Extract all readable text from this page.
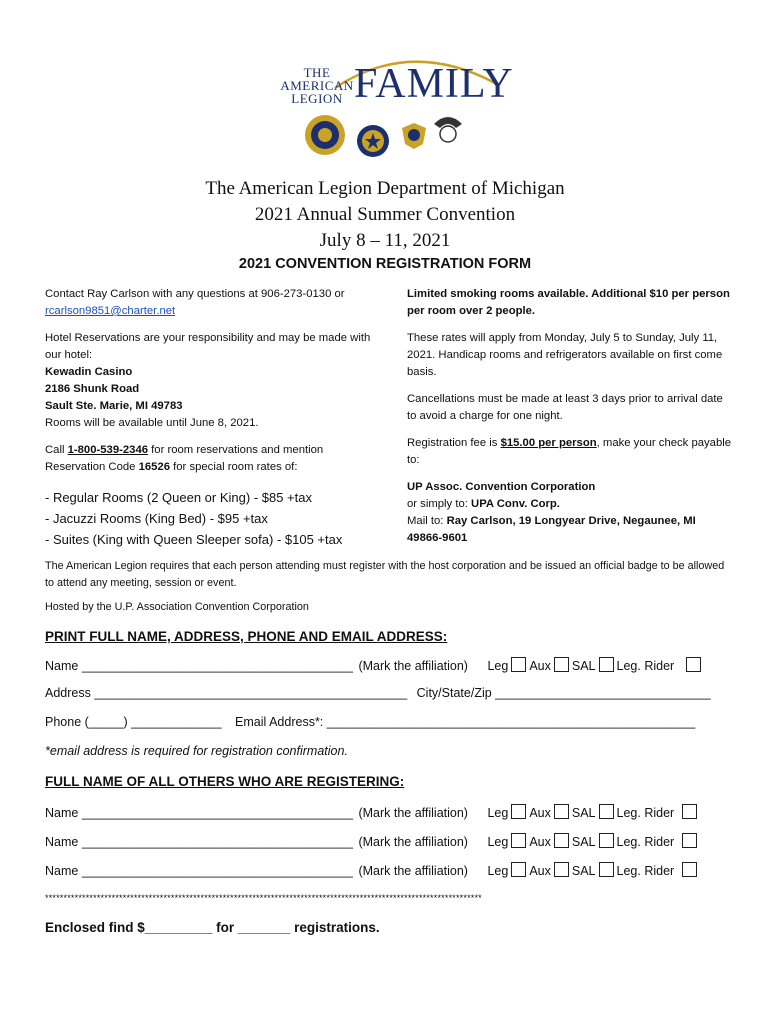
THE
AMERICAN
LEGION FAMILY
The American Legion Department of Michigan
2021 Annual Summer Convention
July 8 – 11, 2021
2021 CONVENTION REGISTRATION FORM
Contact Ray Carlson with any questions at 906-273-0130 or
rcarlson9851@charter.net
Hotel Reservations are your responsibility and may be made with our hotel:
Kewadin Casino
2186 Shunk Road
Sault Ste. Marie, MI 49783
Rooms will be available until June 8, 2021.
Call 1-800-539-2346 for room reservations and mention Reservation Code 16526 for special room rates of:
- Regular Rooms (2 Queen or King) - $85 +tax
- Jacuzzi Rooms (King Bed) - $95 +tax
- Suites (King with Queen Sleeper sofa) - $105 +tax
Limited smoking rooms available. Additional $10 per person per room over 2 people.
These rates will apply from Monday, July 5 to Sunday, July 11, 2021. Handicap rooms and refrigerators available on first come basis.
Cancellations must be made at least 3 days prior to arrival date to avoid a charge for one night.
Registration fee is $15.00 per person, make your check payable to:
UP Assoc. Convention Corporation
or simply to: UPA Conv. Corp.
Mail to: Ray Carlson, 19 Longyear Drive, Negaunee, MI 49866-9601
The American Legion requires that each person attending must register with the host corporation and be issued an official badge to be allowed to attend any meeting, session or event.
Hosted by the U.P. Association Convention Corporation
PRINT FULL NAME, ADDRESS, PHONE AND EMAIL ADDRESS:
Name _______________________________________ (Mark the affiliation) Leg Aux SAL Leg. Rider
Address _____________________________________________ City/State/Zip _______________________________
Phone (_____) _____________ Email Address*: _____________________________________________________
*email address is required for registration confirmation.
FULL NAME OF ALL OTHERS WHO ARE REGISTERING:
Name _______________________________________ (Mark the affiliation) Leg Aux SAL Leg. Rider
Name _______________________________________ (Mark the affiliation) Leg Aux SAL Leg. Rider
Name _______________________________________ (Mark the affiliation) Leg Aux SAL Leg. Rider
**********************************************************************************************************************
Enclosed find $_________ for _______ registrations.
